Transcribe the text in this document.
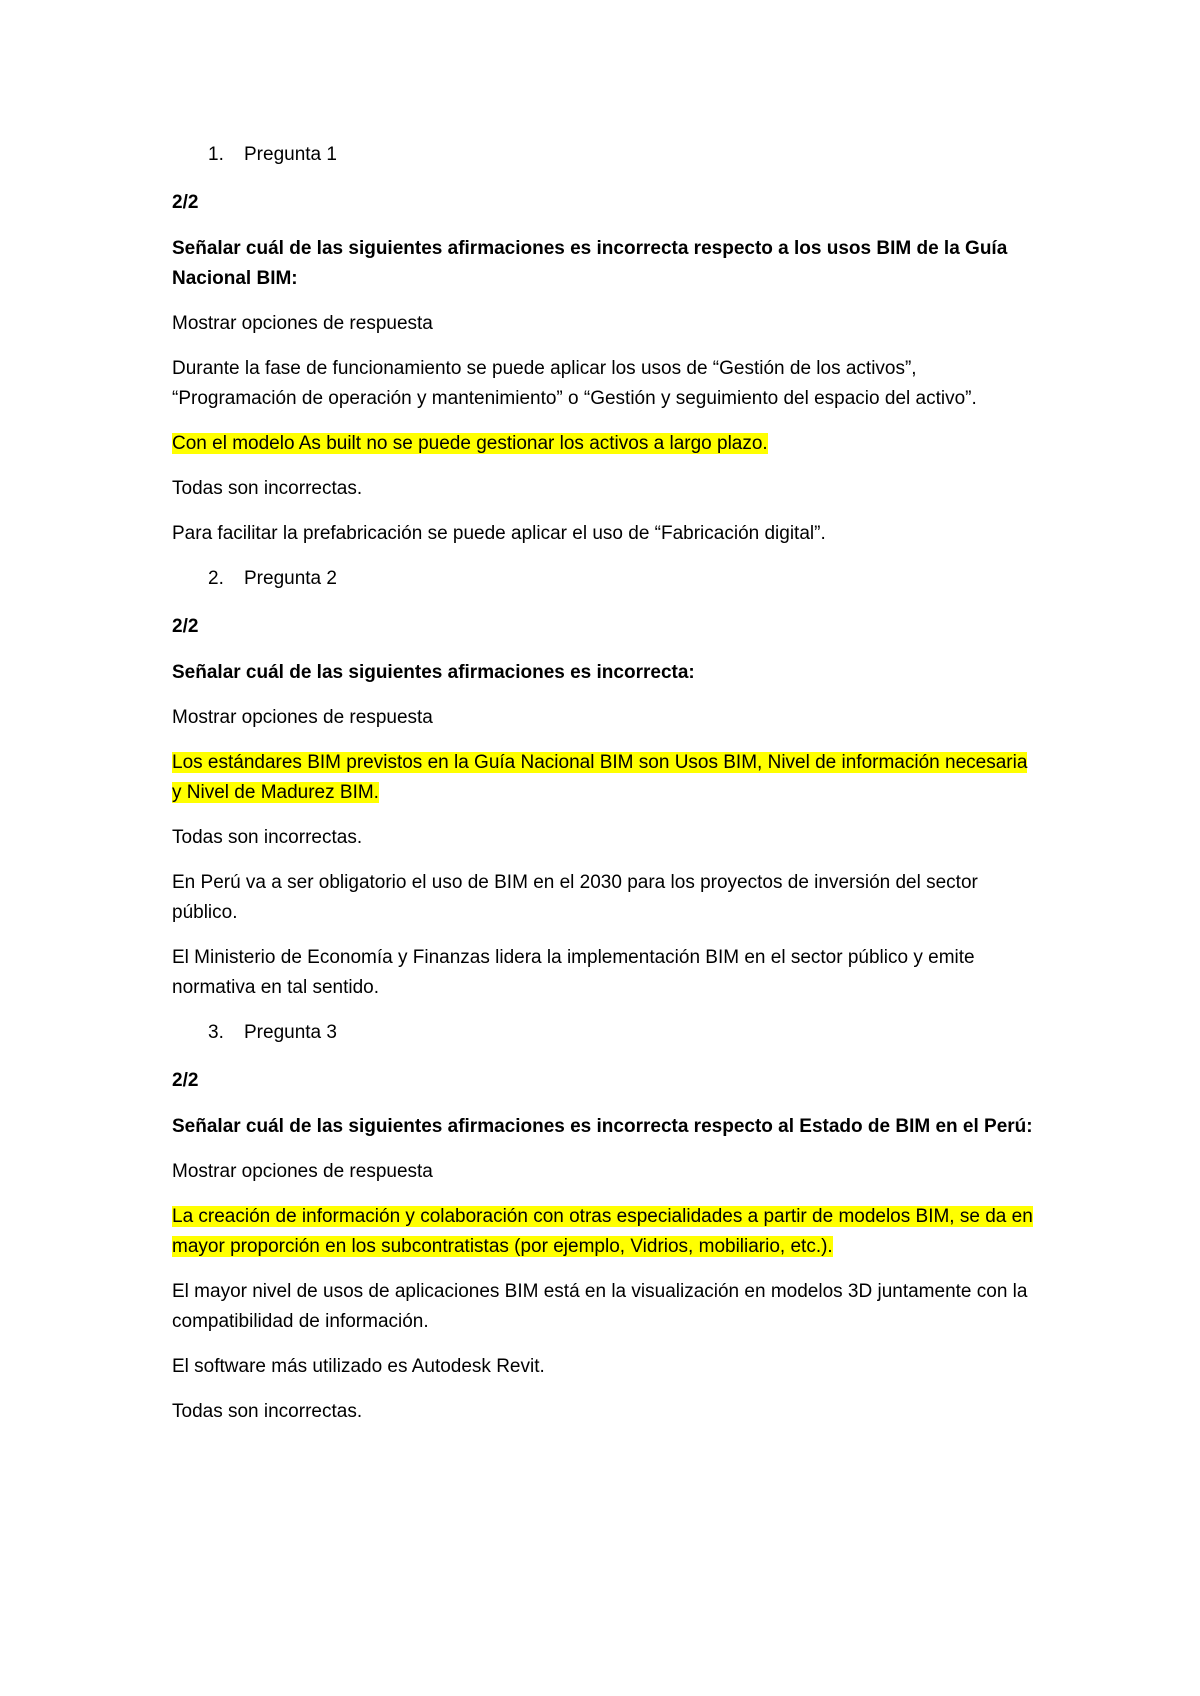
1. Pregunta 1
2/2
Señalar cuál de las siguientes afirmaciones es incorrecta respecto a los usos BIM de la Guía Nacional BIM:
Mostrar opciones de respuesta
Durante la fase de funcionamiento se puede aplicar los usos de “Gestión de los activos”, “Programación de operación y mantenimiento” o “Gestión y seguimiento del espacio del activo”.
Con el modelo As built no se puede gestionar los activos a largo plazo.
Todas son incorrectas.
Para facilitar la prefabricación se puede aplicar el uso de “Fabricación digital”.
2. Pregunta 2
2/2
Señalar cuál de las siguientes afirmaciones es incorrecta:
Mostrar opciones de respuesta
Los estándares BIM previstos en la Guía Nacional BIM son Usos BIM, Nivel de información necesaria y Nivel de Madurez BIM.
Todas son incorrectas.
En Perú va a ser obligatorio el uso de BIM en el 2030 para los proyectos de inversión del sector público.
El Ministerio de Economía y Finanzas lidera la implementación BIM en el sector público y emite normativa en tal sentido.
3. Pregunta 3
2/2
Señalar cuál de las siguientes afirmaciones es incorrecta respecto al Estado de BIM en el Perú:
Mostrar opciones de respuesta
La creación de información y colaboración con otras especialidades a partir de modelos BIM, se da en mayor proporción en los subcontratistas (por ejemplo, Vidrios, mobiliario, etc.).
El mayor nivel de usos de aplicaciones BIM está en la visualización en modelos 3D juntamente con la compatibilidad de información.
El software más utilizado es Autodesk Revit.
Todas son incorrectas.
